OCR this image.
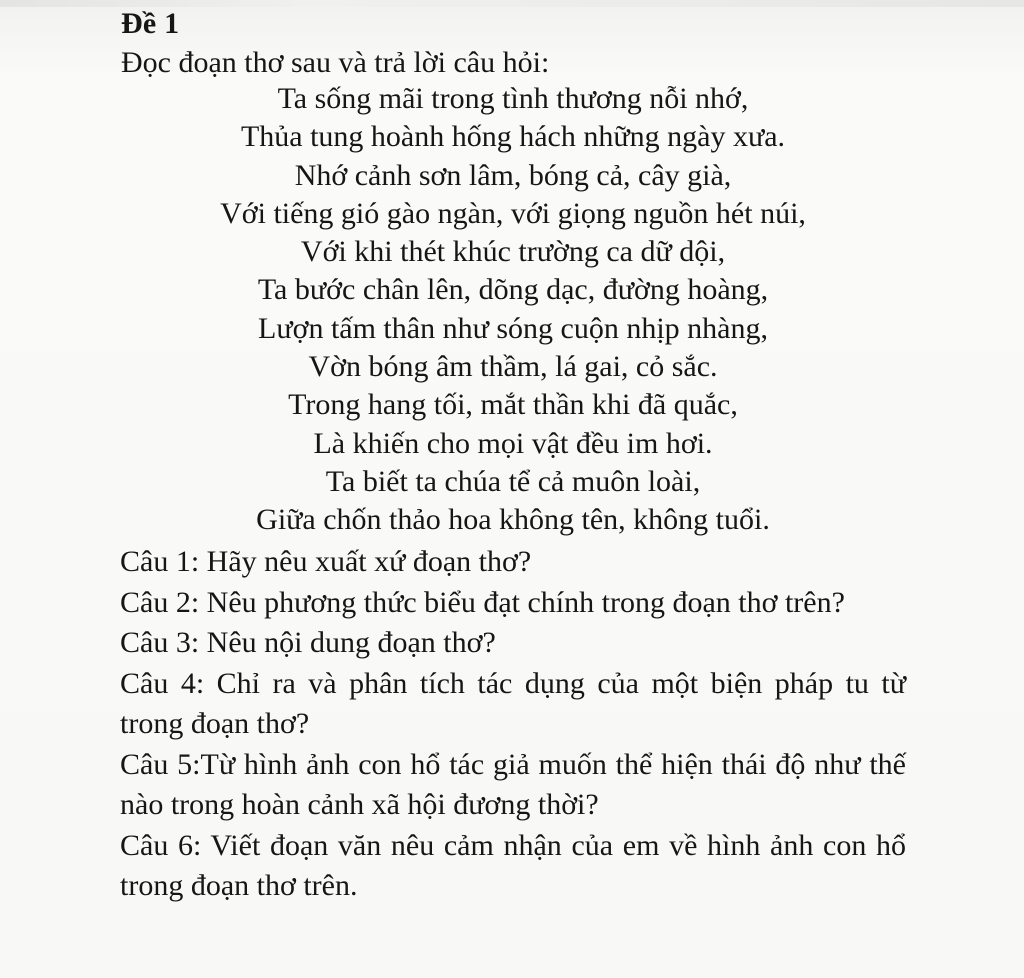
Đề 1
Đọc đoạn thơ sau và trả lời câu hỏi:
Ta sống mãi trong tình thương nỗi nhớ,
Thủa tung hoành hống hách những ngày xưa.
Nhớ cảnh sơn lâm, bóng cả, cây già,
Với tiếng gió gào ngàn, với giọng nguồn hét núi,
Với khi thét khúc trường ca dữ dội,
Ta bước chân lên, dõng dạc, đường hoàng,
Lượn tấm thân như sóng cuộn nhịp nhàng,
Vờn bóng âm thầm, lá gai, cỏ sắc.
Trong hang tối, mắt thần khi đã quắc,
Là khiến cho mọi vật đều im hơi.
Ta biết ta chúa tể cả muôn loài,
Giữa chốn thảo hoa không tên, không tuổi.

Câu 1: Hãy nêu xuất xứ đoạn thơ?

Câu 2: Nêu phương thức biểu đạt chính trong đoạn thơ trên?

Câu 3: Nêu nội dung đoạn thơ?

Câu 4: Chỉ ra và phân tích tác dụng của một biện pháp tu từ trong đoạn thơ?

Câu 5:Từ hình ảnh con hổ tác giả muốn thể hiện thái độ như thế nào trong hoàn cảnh xã hội đương thời?

Câu 6: Viết đoạn văn nêu cảm nhận của em về hình ảnh con hổ trong đoạn thơ trên.
